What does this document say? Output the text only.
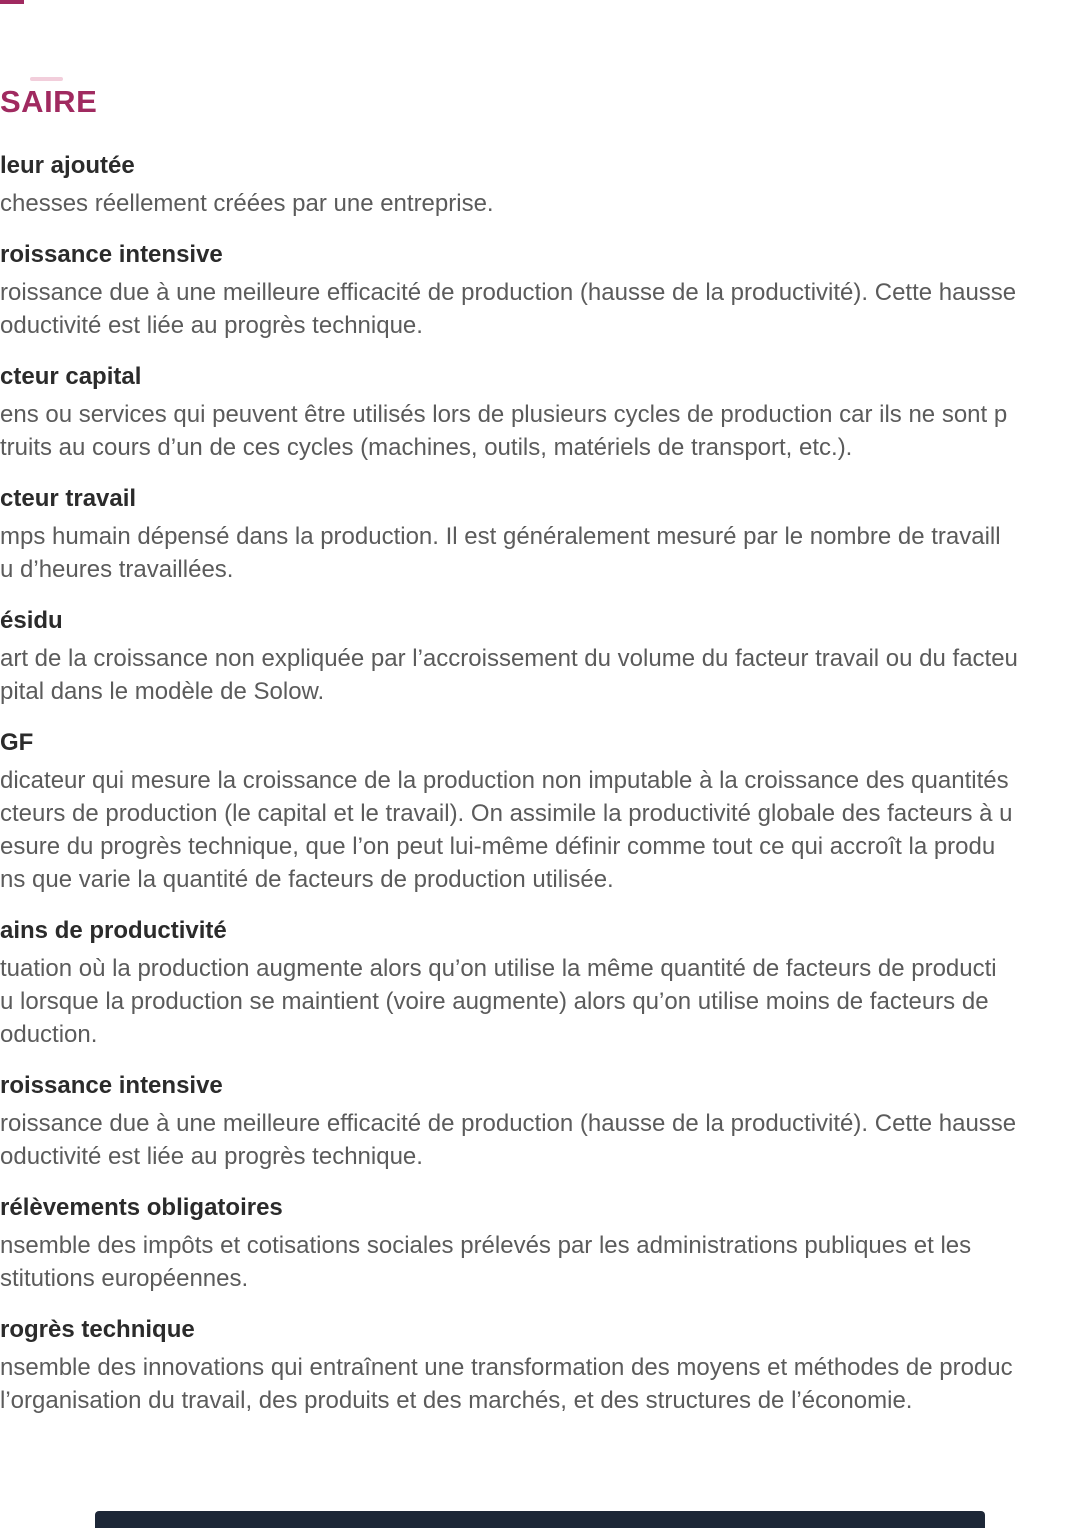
SAIRE
leur ajoutée
chesses réellement créées par une entreprise.
roissance intensive
roissance due à une meilleure efficacité de production (hausse de la productivité). Cette hausse
oductivité est liée au progrès technique.
cteur capital
ens ou services qui peuvent être utilisés lors de plusieurs cycles de production car ils ne sont p
truits au cours d’un de ces cycles (machines, outils, matériels de transport, etc.).
cteur travail
mps humain dépensé dans la production. Il est généralement mesuré par le nombre de travaill
u d’heures travaillées.
ésidu
art de la croissance non expliquée par l’accroissement du volume du facteur travail ou du facteu
pital dans le modèle de Solow.
GF
dicateur qui mesure la croissance de la production non imputable à la croissance des quantités
cteurs de production (le capital et le travail). On assimile la productivité globale des facteurs à u
esure du progrès technique, que l’on peut lui-même définir comme tout ce qui accroît la produ
ns que varie la quantité de facteurs de production utilisée.
ains de productivité
tuation où la production augmente alors qu’on utilise la même quantité de facteurs de producti
u lorsque la production se maintient (voire augmente) alors qu’on utilise moins de facteurs de
oduction.
roissance intensive
roissance due à une meilleure efficacité de production (hausse de la productivité). Cette hausse
oductivité est liée au progrès technique.
rélèvements obligatoires
nsemble des impôts et cotisations sociales prélevés par les administrations publiques et les
stitutions européennes.
rogrès technique
nsemble des innovations qui entraînent une transformation des moyens et méthodes de produc
l’organisation du travail, des produits et des marchés, et des structures de l’économie.
